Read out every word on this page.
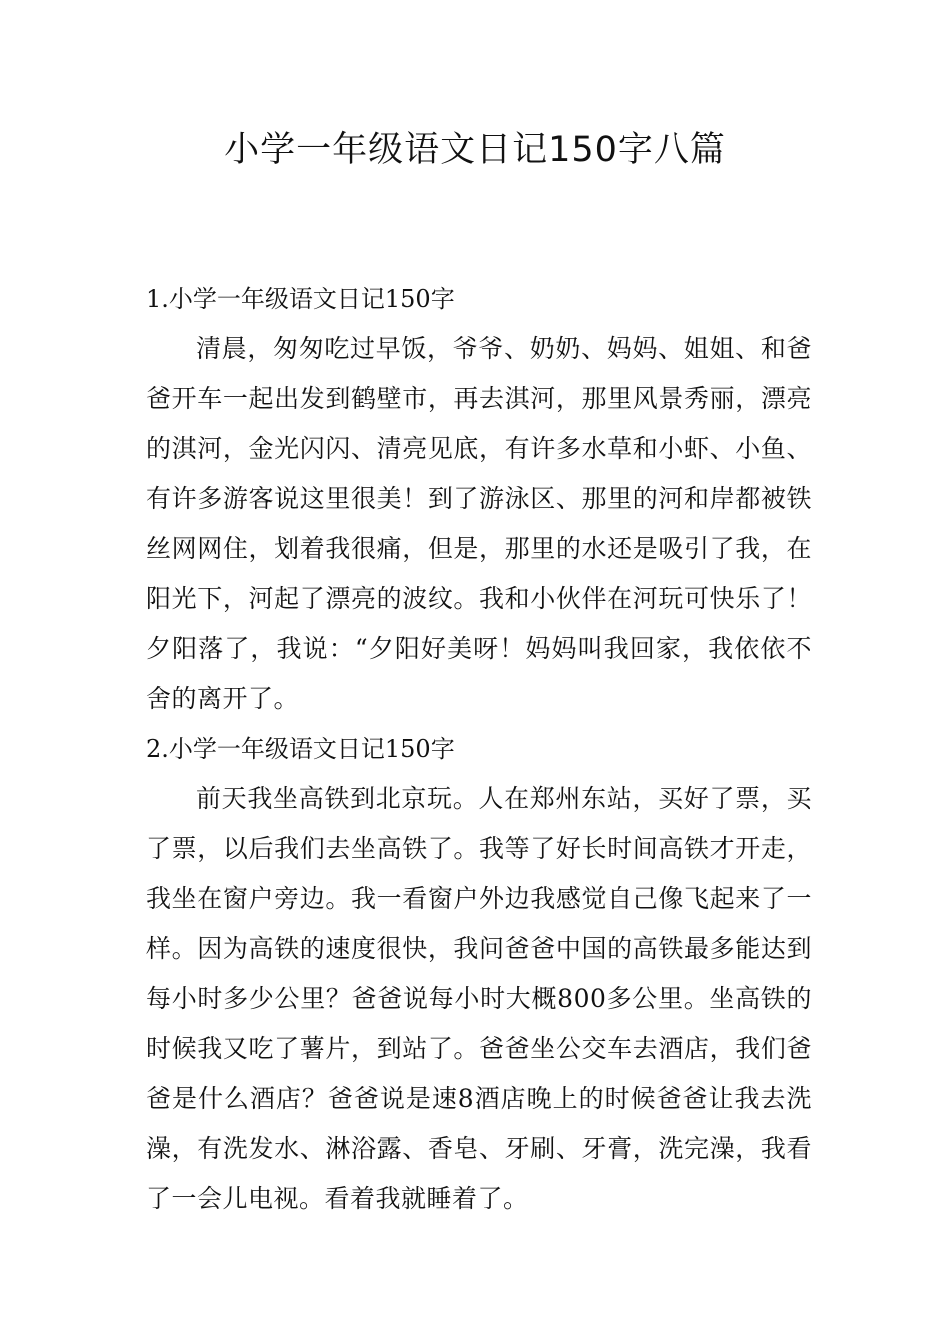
小学一年级语文日记150字八篇

1.小学一年级语文日记150字

清晨，匆匆吃过早饭，爷爷、奶奶、妈妈、姐姐、和爸爸开车一起出发到鹤壁市，再去淇河，那里风景秀丽，漂亮的淇河，金光闪闪、清亮见底，有许多水草和小虾、小鱼、有许多游客说这里很美！到了游泳区、那里的河和岸都被铁丝网网住，划着我很痛，但是，那里的水还是吸引了我，在阳光下，河起了漂亮的波纹。我和小伙伴在河玩可快乐了！夕阳落了，我说：“夕阳好美呀！妈妈叫我回家，我依依不舍的离开了。

2.小学一年级语文日记150字

前天我坐高铁到北京玩。人在郑州东站，买好了票，买了票，以后我们去坐高铁了。我等了好长时间高铁才开走，我坐在窗户旁边。我一看窗户外边我感觉自己像飞起来了一样。因为高铁的速度很快，我问爸爸中国的高铁最多能达到每小时多少公里？爸爸说每小时大概800多公里。坐高铁的时候我又吃了薯片，到站了。爸爸坐公交车去酒店，我们爸爸是什么酒店？爸爸说是速8酒店晚上的时候爸爸让我去洗澡，有洗发水、淋浴露、香皂、牙刷、牙膏，洗完澡，我看了一会儿电视。看着我就睡着了。
